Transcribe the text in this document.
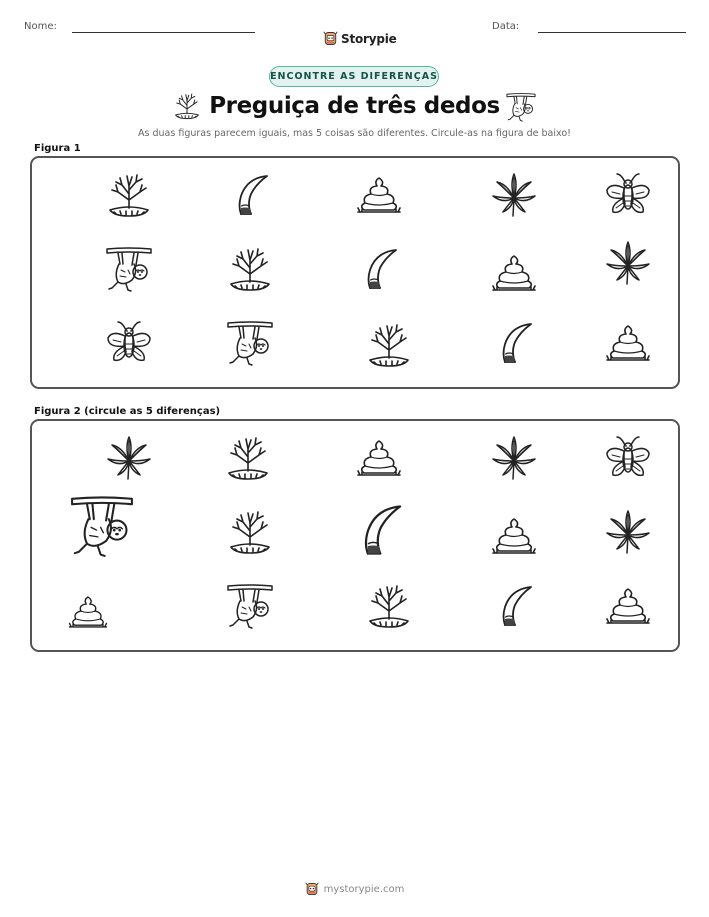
Nome:
Storypie
Data:
ENCONTRE AS DIFERENÇAS
Preguiça de três dedos
As duas figuras parecem iguais, mas 5 coisas são diferentes. Circule-as na figura de baixo!
Figura 1
Figura 2 (circule as 5 diferenças)
mystorypie.com
